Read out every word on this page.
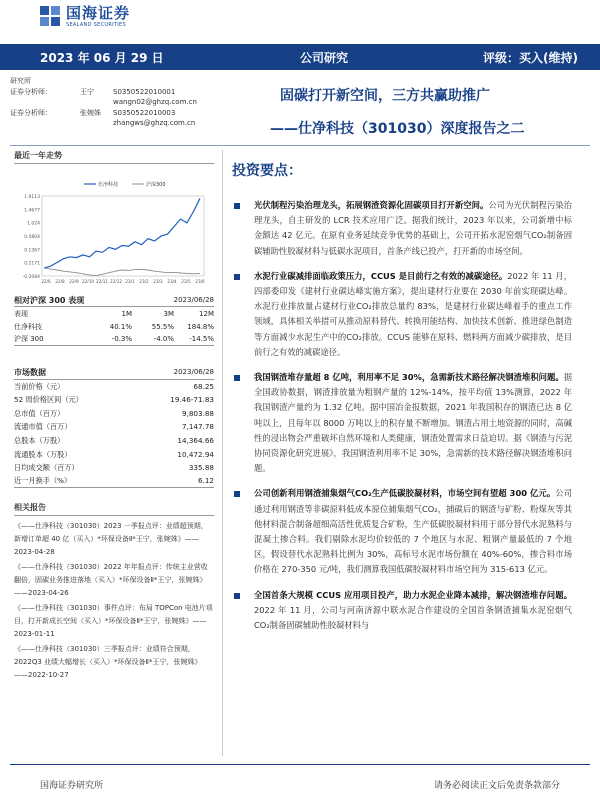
国海证券
SEALAND SECURITIES
2023 年 06 月 29 日	公司研究	评级：买入(维持)
研究所
证券分析师：	王宁	S0350522010001
wangn02@ghzq.com.cn
证券分析师：	张婉姝 S0350522010003
zhangws@ghzq.com.cn
固碳打开新空间，三方共赢助推广
——仕净科技（301030）深度报告之二
最近一年走势
1.9113
1.4677
1.024
0.5804
0.1367
0.2171
-0.2084
22/6 22/8 22/9 22/10 22/11 22/12 23/1 23/2 23/3 23/4 23/5 23/6
仕净科技	沪深300
相对沪深 300 表现	2023/06/28
表现	1M	3M	12M
仕净科技	40.1%	55.5%	184.8%
沪深 300	-0.3%	-4.0%	-14.5%
市场数据	2023/06/28
当前价格（元）	68.25
52 周价格区间（元）	19.46-71.83
总市值（百万）	9,803.88
流通市值（百万）	7,147.78
总股本（万股）	14,364.66
流通股本（万股）	10,472.94
日均成交额（百万）	335.88
近一月换手（%）	6.12
相关报告

《——仕净科技（301030）2023 一季报点评：业绩超预期，新增订单超 40 亿（买入）*环保设备Ⅱ*王宁，张婉姝》——2023-04-28

《——仕净科技（301030）2022 年年报点评：传统主业营收翻倍，固碳业务推进落地（买入）*环保设备Ⅱ*王宁，张婉姝》——2023-04-26

《——仕净科技（301030）事件点评：布局 TOPCon 电池片项目，打开新成长空间（买入）*环保设备Ⅱ*王宁，张婉姝》——2023-01-11

《——仕净科技（301030）三季报点评：业绩符合预期，2022Q3 业绩大幅增长（买入）*环保设备Ⅱ*王宁，张婉姝》——2022-10-27

投资要点：
光伏制程污染治理龙头，拓展钢渣资源化固碳项目打开新空间。公司为光伏制程污染治理龙头，自主研发的 LCR 技术应用广泛。据我们统计，2023 年以来，公司新增中标金额达 42 亿元。在原有业务延续竞争优势的基础上，公司开拓水泥窑烟气CO₂制备固碳辅助性胶凝材料与低碳水泥项目，首条产线已投产，打开新的市场空间。
水泥行业碳减排面临政策压力，CCUS 是目前行之有效的减碳途径。2022 年 11 月，四部委印发《建材行业碳达峰实施方案》，提出建材行业要在 2030 年前实现碳达峰。水泥行业排放量占建材行业CO₂排放总量约 83%，是建材行业碳达峰着手的重点工作领域，具体相关举措可从推动原料替代、转换用能结构、加快技术创新、推进绿色制造等方面减少水泥生产中的CO₂排放。CCUS 能够在原料、燃料两方面减少碳排放，是目前行之有效的减碳途径。
我国钢渣堆存量超 8 亿吨，利用率不足 30%，急需新技术路径解决钢渣堆积问题。据全国政协数据，钢渣排放量为粗钢产量的 12%-14%，按平均值 13%测算，2022 年我国钢渣产量约为 1.32 亿吨。据中国冶金报数据，2021 年我国积存的钢渣已达 8 亿吨以上，且每年以 8000 万吨以上的积存量不断增加。钢渣占用土地资源的同时，高碱性的浸出物会严重破坏自然环境和人类健康，钢渣处置需求日益迫切。据《钢渣与污泥协同资源化研究进展》，我国钢渣利用率不足 30%，急需新的技术路径解决钢渣堆积问题。
公司创新利用钢渣捕集烟气CO₂生产低碳胶凝材料，市场空间有望超 300 亿元。公司通过利用钢渣等非碳原料低成本原位捕集烟气CO₂，捕碳后的钢渣与矿粉、粉煤灰等其他材料混合制备超细高活性优质复合矿粉，生产低碳胶凝材料用于部分替代水泥熟料与混凝土掺合料。我们剔除水泥均价较低的 7 个地区与水泥、粗钢产量最低的 7 个地区，假设替代水泥熟料比例为 30%，高标号水泥市场份额在 40%-60%，掺合料市场价格在 270-350 元/吨，我们测算我国低碳胶凝材料市场空间为 315-613 亿元。
全国首条大规模 CCUS 应用项目投产，助力水泥企业降本减排，解决钢渣堆存问题。2022 年 11 月，公司与河南济源中联水泥合作建设的全国首条钢渣捕集水泥窑烟气CO₂制备固碳辅助性胶凝材料与
国海证券研究所	请务必阅读正文后免责条款部分
